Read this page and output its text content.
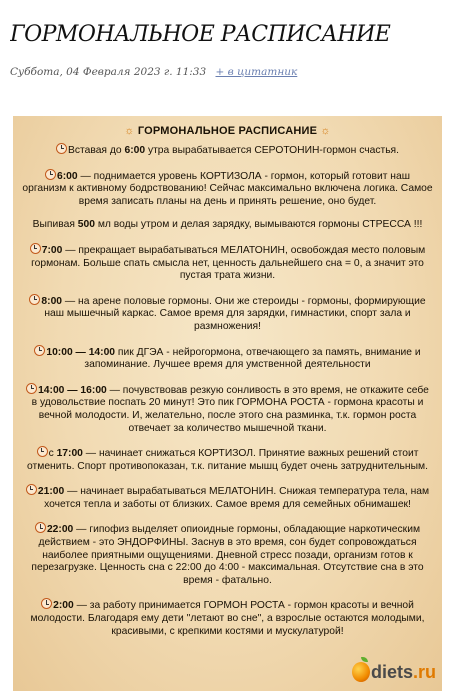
ГОРМОНАЛЬНОЕ РАСПИСАНИЕ
Суббота, 04 Февраля 2023 г. 11:33 + в цитатник
☼ ГОРМОНАЛЬНОЕ РАСПИСАНИЕ ☼
Вставая до 6:00 утра вырабатывается СЕРОТОНИН-гормон счастья.
6:00 — поднимается уровень КОРТИЗОЛА - гормон, который готовит наш организм к активному бодрствованию! Сейчас максимально включена логика. Самое время записать планы на день и принять решение, оно будет.
Выпивая 500 мл воды утром и делая зарядку, вымываются гормоны СТРЕССА !!!
7:00 — прекращает вырабатываться МЕЛАТОНИН, освобождая место половым гормонам. Больше спать смысла нет, ценность дальнейшего сна = 0, а значит это пустая трата жизни.
8:00 — на арене половые гормоны. Они же стероиды - гормоны, формирующие наш мышечный каркас. Самое время для зарядки, гимнастики, спорт зала и размножения!
10:00 — 14:00 пик ДГЭА - нейрогормона, отвечающего за память, внимание и запоминание. Лучшее время для умственной деятельности
14:00 — 16:00 — почувствовав резкую сонливость в это время, не откажите себе в удовольствие поспать 20 минут! Это пик ГОРМОНА РОСТА - гормона красоты и вечной молодости. И, желательно, после этого сна разминка, т.к. гормон роста отвечает за количество мышечной ткани.
с 17:00 — начинает снижаться КОРТИЗОЛ. Принятие важных решений стоит отменить. Спорт противопоказан, т.к. питание мышц будет очень затруднительным.
21:00 — начинает вырабатываться МЕЛАТОНИН. Снижая температура тела, нам хочется тепла и заботы от близких. Самое время для семейных обнимашек!
22:00 — гипофиз выделяет опиоидные гормоны, обладающие наркотическим действием - это ЭНДОРФИНЫ. Заснув в это время, сон будет сопровождаться наиболее приятными ощущениями. Дневной стресс позади, организм готов к перезагрузке. Ценность сна с 22:00 до 4:00 - максимальная. Отсутствие сна в это время - фатально.
2:00 — за работу принимается ГОРМОН РОСТА - гормон красоты и вечной молодости. Благодаря ему дети "летают во сне", а взрослые остаются молодыми, красивыми, с крепкими костями и мускулатурой!
diets .ru
